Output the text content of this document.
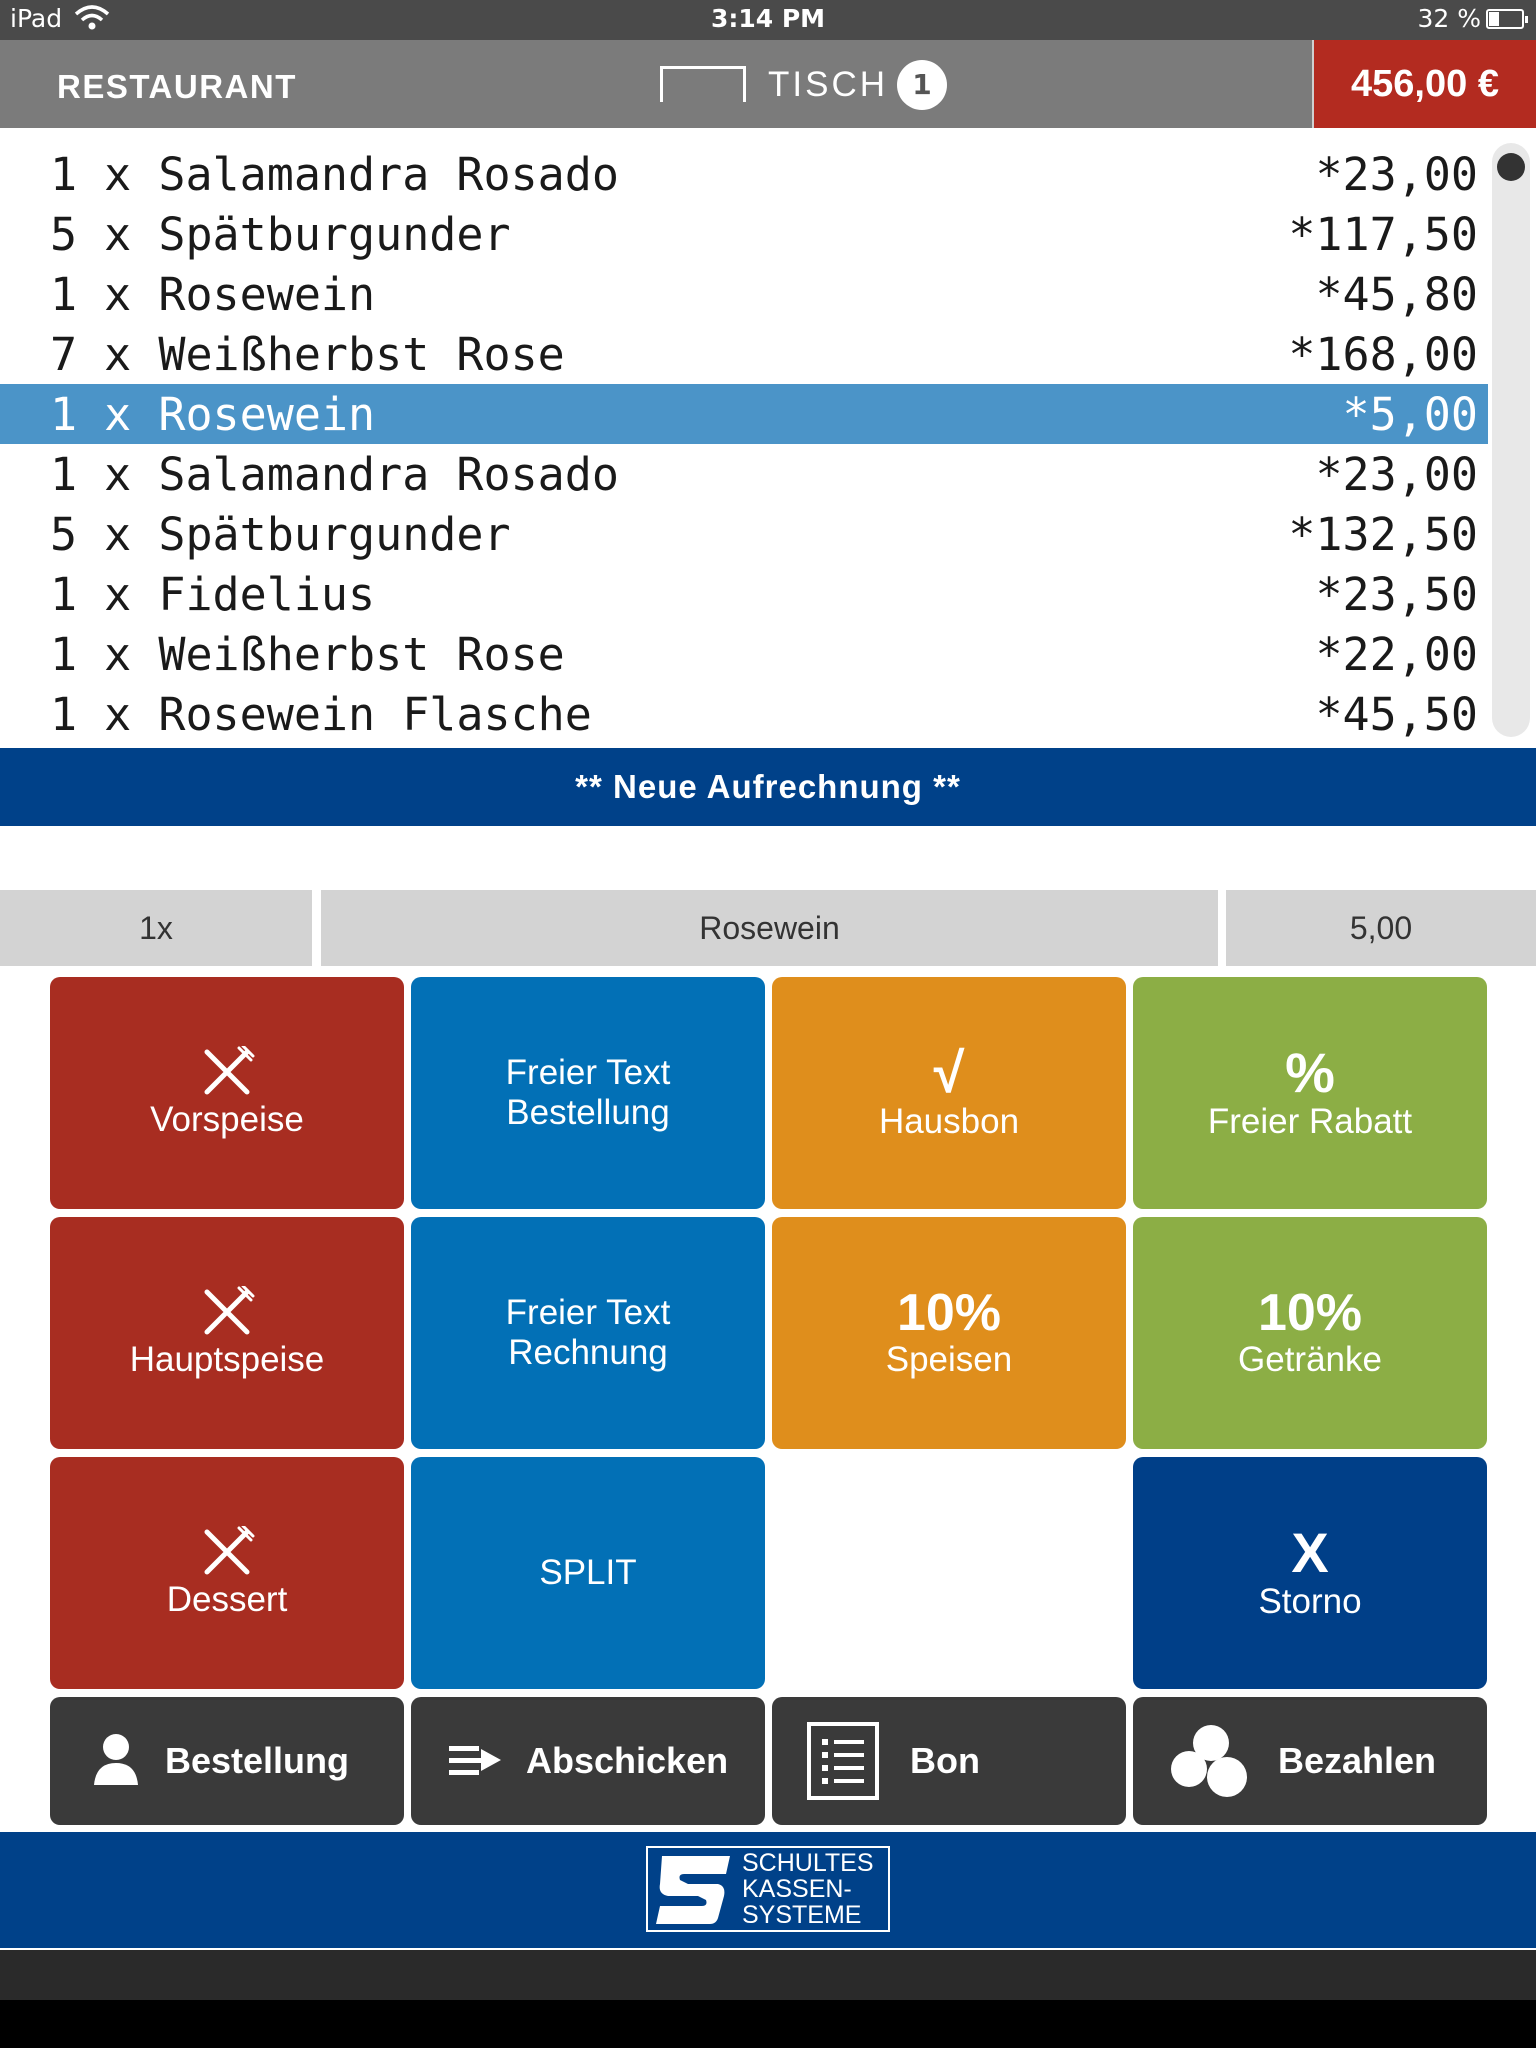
iPad	3:14 PM	32 %
RESTAURANT	TISCH 1	456,00 €
1 x Salamandra Rosado	*23,00
5 x Spätburgunder	*117,50
1 x Rosewein	*45,80
7 x Weißherbst Rose	*168,00
1 x Rosewein	*5,00
1 x Salamandra Rosado	*23,00
5 x Spätburgunder	*132,50
1 x Fidelius	*23,50
1 x Weißherbst Rose	*22,00
1 x Rosewein Flasche	*45,50
** Neue Aufrechnung **
1x	Rosewein	5,00
Vorspeise
Freier Text
Bestellung
√
Hausbon
%
Freier Rabatt
Hauptspeise
Freier Text
Rechnung
10%
Speisen
10%
Getränke
Dessert
SPLIT	X
Storno
Bestellung	Abschicken	Bon	Bezahlen
SCHULTES
KASSEN-
SYSTEME
